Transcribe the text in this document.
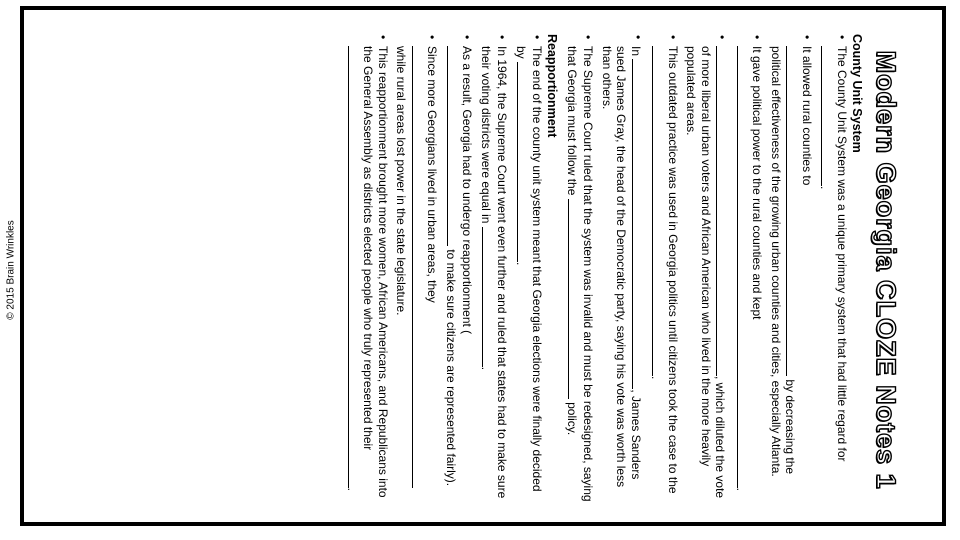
© 2015 Brain Wrinkles	Modern Georgia CLOZE Notes 1
County Unit System
• The County Unit System was a unique primary system that had little regard for .
• It allowed rural counties to  by decreasing the political effectiveness of the growing urban counties and cities, especially Atlanta.
• It gave political power to the rural counties and kept .
• , which diluted the vote of more liberal urban voters and African American who lived in the more heavily populated areas.
• This outdated practice was used in Georgia politics until citizens took the case to the .
• In , James Sanders sued James Gray, the head of the Democratic party, saying his vote was worth less than others.
• The Supreme Court ruled that the system was invalid and must be redesigned, saying that Georgia must follow the  policy.
Reapportionment
• The end of the county unit system meant that Georgia elections were finally decided by .
• In 1964, the Supreme Court went even further and ruled that states had to make sure their voting districts were equal in .
• As a result, Georgia had to undergo reapportionment (  to make sure citizens are represented fairly).
• Since more Georgians lived in urban areas, they  while rural areas lost power in the state legislature.
• This reapportionment brought more women, African Americans, and Republicans into the General Assembly as districts elected people who truly represented their .
